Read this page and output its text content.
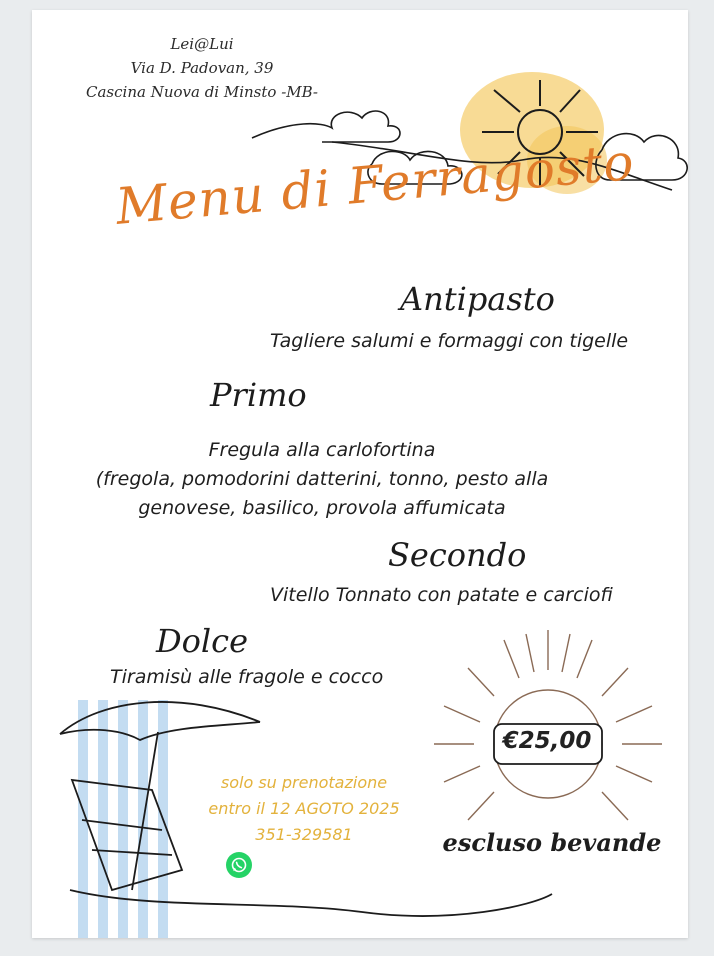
Lei@Lui
Via D. Padovan, 39
Cascina Nuova di Minsto -MB-
Menu di Ferragosto
Antipasto
Tagliere salumi e formaggi con tigelle
Primo
Fregula alla carlofortina
(fregola, pomodorini datterini, tonno, pesto alla
genovese, basilico, provola affumicata
Secondo
Vitello Tonnato con patate e carciofi
Dolce
Tiramisù alle fragole e cocco
solo su prenotazione
entro il 12 AGOTO 2025
351-329581
€25,00
escluso bevande
